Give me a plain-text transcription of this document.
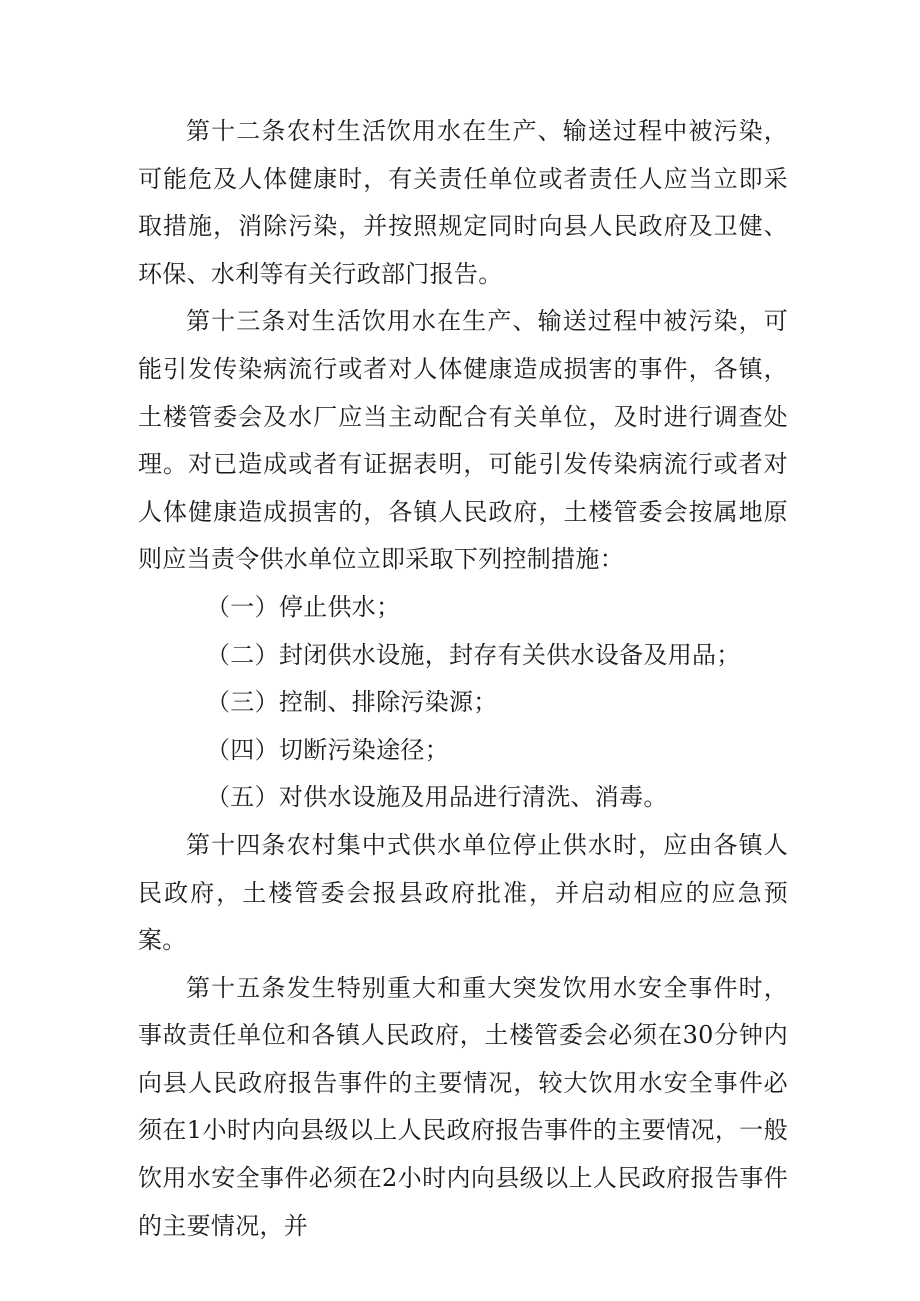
第十二条农村生活饮用水在生产、输送过程中被污染，可能危及人体健康时，有关责任单位或者责任人应当立即采取措施，消除污染，并按照规定同时向县人民政府及卫健、环保、水利等有关行政部门报告。

第十三条对生活饮用水在生产、输送过程中被污染，可能引发传染病流行或者对人体健康造成损害的事件，各镇，土楼管委会及水厂应当主动配合有关单位，及时进行调查处理。对已造成或者有证据表明，可能引发传染病流行或者对人体健康造成损害的，各镇人民政府，土楼管委会按属地原则应当责令供水单位立即采取下列控制措施：

（一）停止供水；

（二）封闭供水设施，封存有关供水设备及用品；

（三）控制、排除污染源；

（四）切断污染途径；

（五）对供水设施及用品进行清洗、消毒。

第十四条农村集中式供水单位停止供水时，应由各镇人民政府，土楼管委会报县政府批准，并启动相应的应急预案。

第十五条发生特别重大和重大突发饮用水安全事件时，事故责任单位和各镇人民政府，土楼管委会必须在30分钟内向县人民政府报告事件的主要情况，较大饮用水安全事件必须在1小时内向县级以上人民政府报告事件的主要情况，一般饮用水安全事件必须在2小时内向县级以上人民政府报告事件的主要情况，并
